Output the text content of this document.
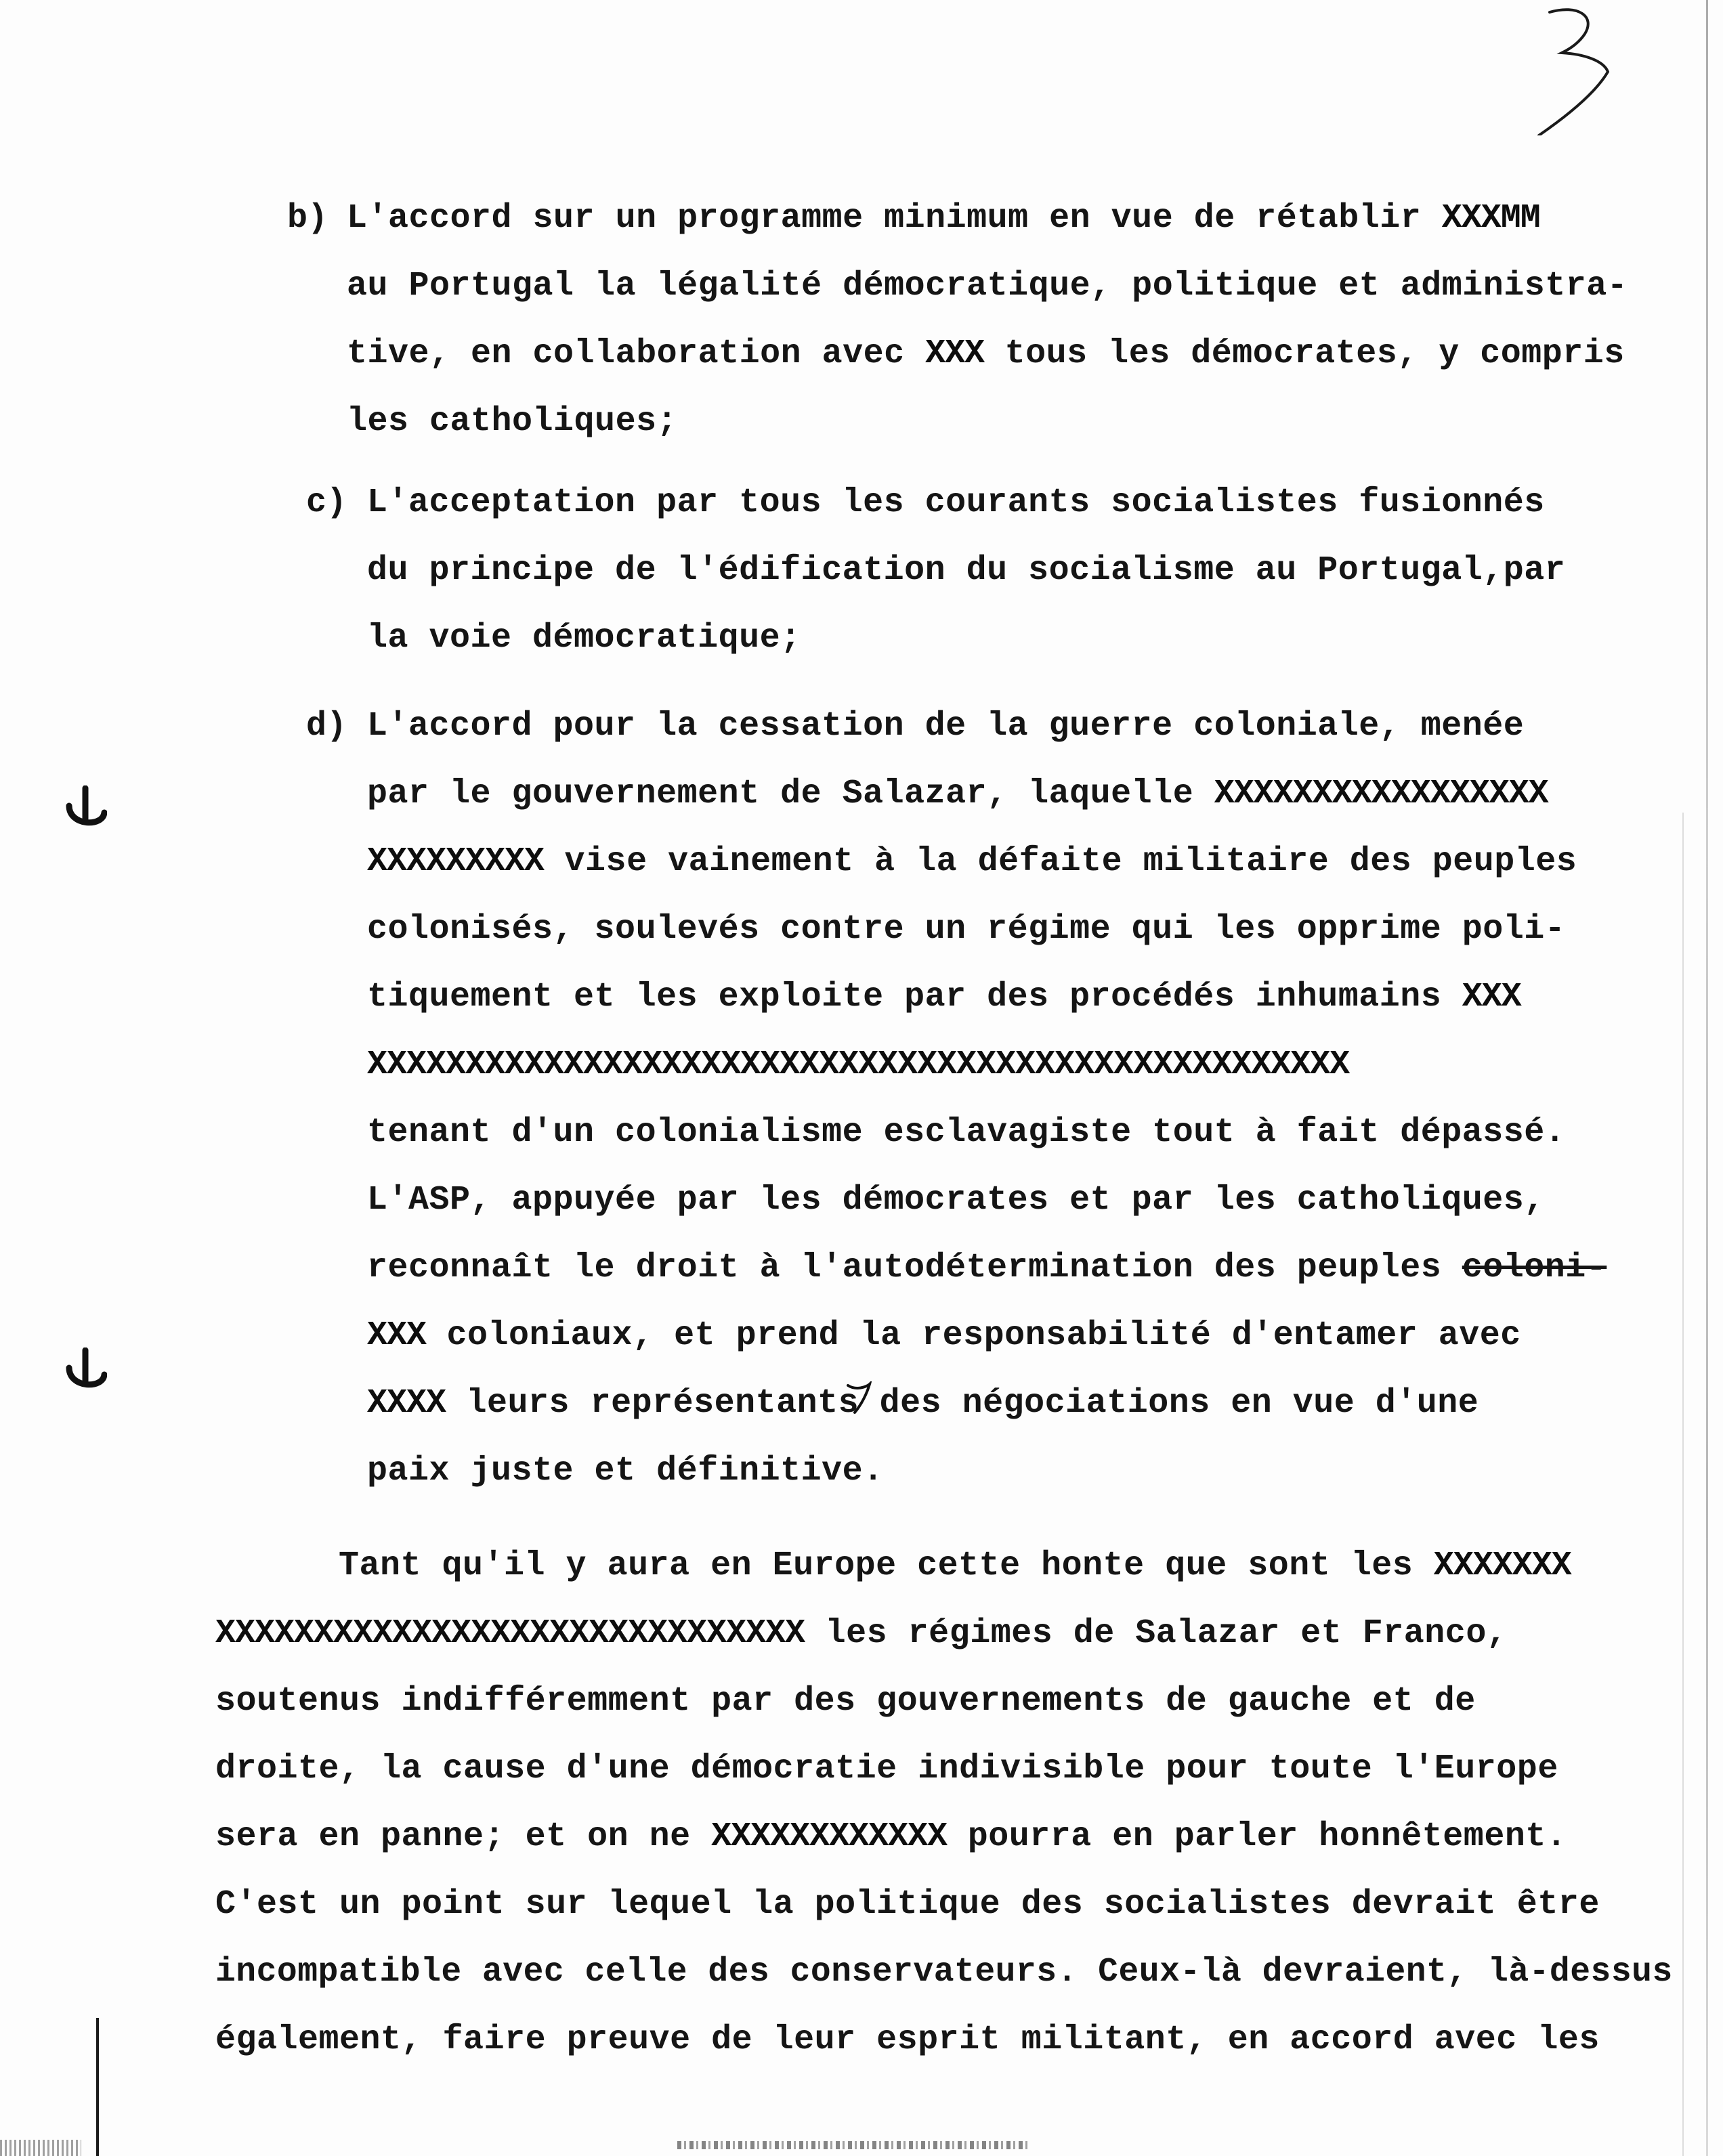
b) L'accord sur un programme minimum en vue de rétablir XXXMM
au Portugal la légalité démocratique, politique et administra-
tive, en collaboration avec XXX tous les démocrates, y compris
les catholiques;
c) L'acceptation par tous les courants socialistes fusionnés
du principe de l'édification du socialisme au Portugal,par
la voie démocratique;
d) L'accord pour la cessation de la guerre coloniale, menée
par le gouvernement de Salazar, laquelle XXXXXXXXXXXXXXXXX
XXXXXXXXX vise vainement à la défaite militaire des peuples
colonisés, soulevés contre un régime qui les opprime poli-
tiquement et les exploite par des procédés inhumains XXX
XXXXXXXXXXXXXXXXXXXXXXXXXXXXXXXXXXXXXXXXXXXXXXXXXX
tenant d'un colonialisme esclavagiste tout à fait dépassé.
L'ASP, appuyée par les démocrates et par les catholiques,
reconnaît le droit à l'autodétermination des peuples coloni-
XXX coloniaux, et prend la responsabilité d'entamer avec
XXXX leurs représentants des négociations en vue d'une
paix juste et définitive.
Tant qu'il y aura en Europe cette honte que sont les XXXXXXX
XXXXXXXXXXXXXXXXXXXXXXXXXXXXXX les régimes de Salazar et Franco,
soutenus indifféremment par des gouvernements de gauche et de
droite, la cause d'une démocratie indivisible pour toute l'Europe
sera en panne; et on ne XXXXXXXXXXXX pourra en parler honnêtement.
C'est un point sur lequel la politique des socialistes devrait être
incompatible avec celle des conservateurs. Ceux-là devraient, là-dessus
également, faire preuve de leur esprit militant, en accord avec les
